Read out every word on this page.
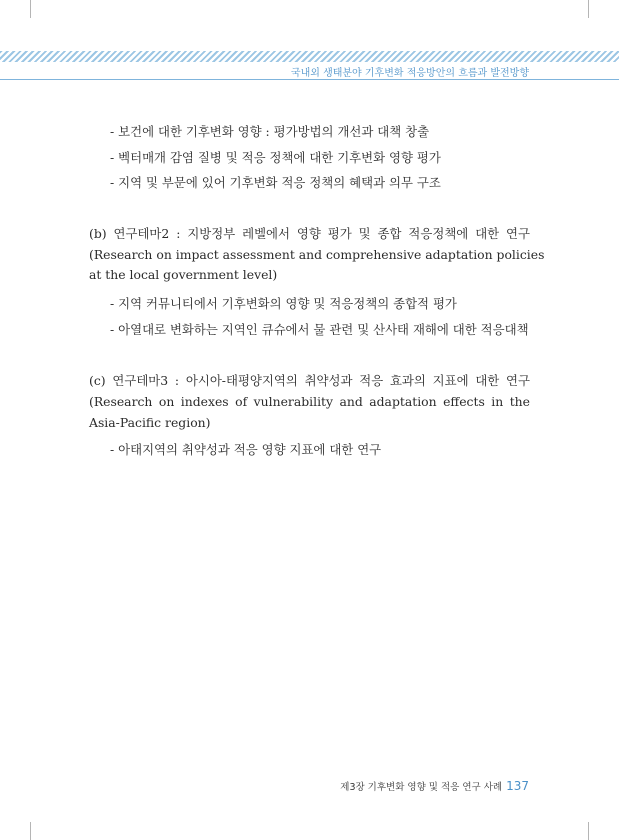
국내외 생태분야 기후변화 적응방안의 흐름과 발전방향
- 보건에 대한 기후변화 영향 : 평가방법의 개선과 대책 창출
- 벡터매개 감염 질병 및 적응 정책에 대한 기후변화 영향 평가
- 지역 및 부문에 있어 기후변화 적응 정책의 혜택과 의무 구조
(b) 연구테마2 : 지방정부 레벨에서 영향 평가 및 종합 적응정책에 대한 연구
(Research on impact assessment and comprehensive adaptation policies
at the local government level)
- 지역 커뮤니티에서 기후변화의 영향 및 적응정책의 종합적 평가
- 아열대로 변화하는 지역인 큐슈에서 물 관련 및 산사태 재해에 대한 적응대책
(c) 연구테마3 : 아시아-태평양지역의 취약성과 적응 효과의 지표에 대한 연구
(Research on indexes of vulnerability and adaptation effects in the
Asia-Pacific region)
- 아태지역의 취약성과 적응 영향 지표에 대한 연구
제3장 기후변화 영향 및 적응 연구 사례 137
